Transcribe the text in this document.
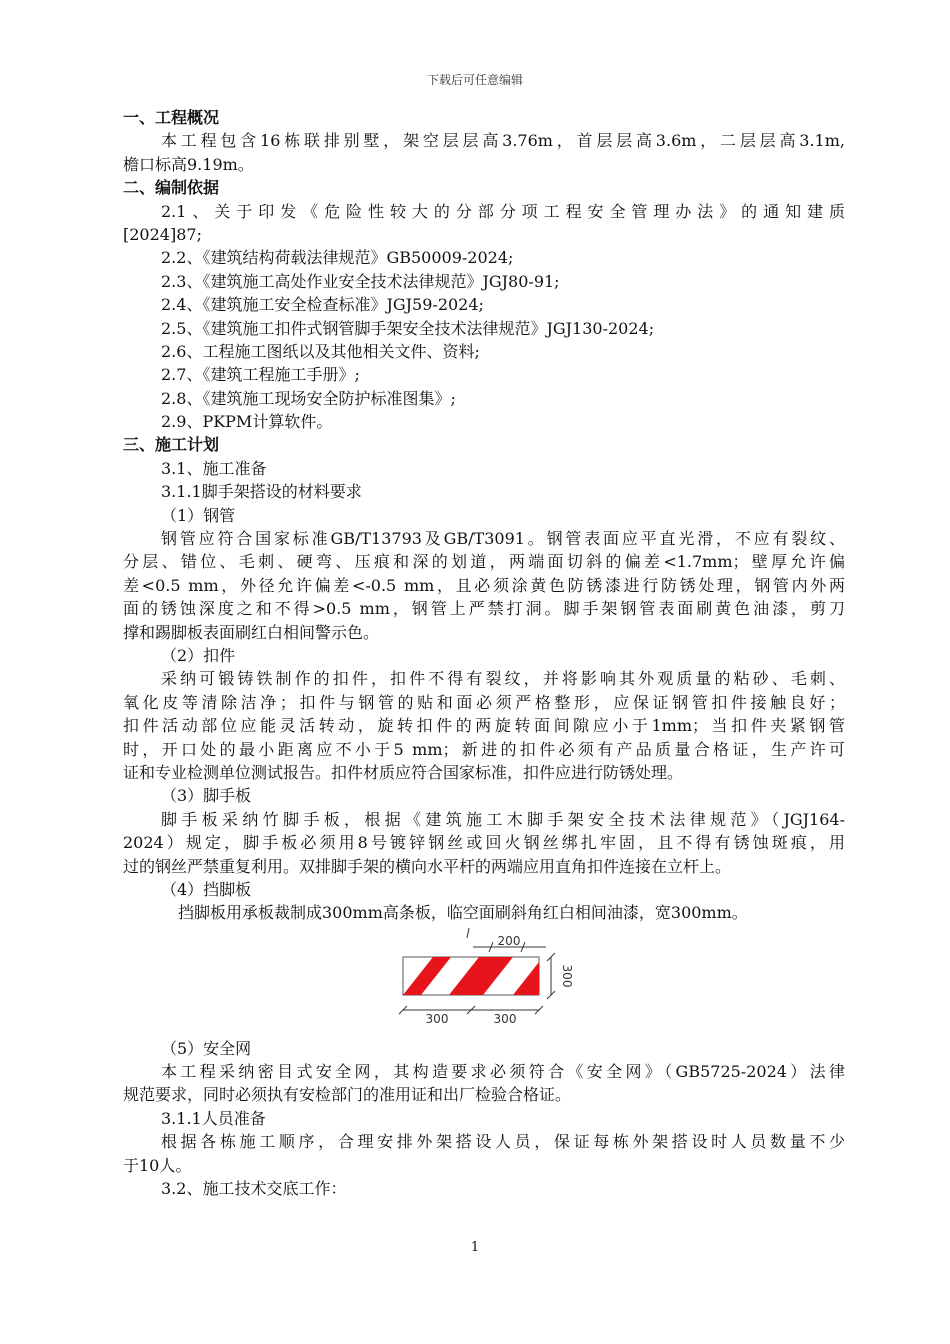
下载后可任意编辑
一、工程概况
本工程包含16栋联排别墅，架空层层高3.76m，首层层高3.6m，二层层高3.1m,
檐口标高9.19m。
二、编制依据
2.1、关于印发《危险性较大的分部分项工程安全管理办法》的通知建质
[2024]87;
2.2、《建筑结构荷载法律规范》GB50009-2024;
2.3、《建筑施工高处作业安全技术法律规范》JGJ80-91;
2.4、《建筑施工安全检查标准》JGJ59-2024;
2.5、《建筑施工扣件式钢管脚手架安全技术法律规范》JGJ130-2024;
2.6、工程施工图纸以及其他相关文件、资料;
2.7、《建筑工程施工手册》;
2.8、《建筑施工现场安全防护标准图集》;
2.9、PKPM计算软件。
三、施工计划
3.1、施工准备
3.1.1脚手架搭设的材料要求
（1）钢管
钢管应符合国家标准GB/T13793及GB/T3091。钢管表面应平直光滑，不应有裂纹、
分层、错位、毛刺、硬弯、压痕和深的划道，两端面切斜的偏差<1.7mm；壁厚允许偏
差<0.5 mm，外径允许偏差<-0.5 mm，且必须涂黄色防锈漆进行防锈处理，钢管内外两
面的锈蚀深度之和不得>0.5 mm，钢管上严禁打洞。脚手架钢管表面刷黄色油漆，剪刀
撑和踢脚板表面刷红白相间警示色。
（2）扣件
采纳可锻铸铁制作的扣件，扣件不得有裂纹，并将影响其外观质量的粘砂、毛刺、
氧化皮等清除洁净；扣件与钢管的贴和面必须严格整形，应保证钢管扣件接触良好；
扣件活动部位应能灵活转动，旋转扣件的两旋转面间隙应小于1mm；当扣件夹紧钢管
时，开口处的最小距离应不小于5 mm；新进的扣件必须有产品质量合格证，生产许可
证和专业检测单位测试报告。扣件材质应符合国家标准，扣件应进行防锈处理。
（3）脚手板
脚手板采纳竹脚手板，根据《建筑施工木脚手架安全技术法律规范》（JGJ164-
2024）规定，脚手板必须用8号镀锌钢丝或回火钢丝绑扎牢固，且不得有锈蚀斑痕，用
过的钢丝严禁重复利用。双排脚手架的横向水平杆的两端应用直角扣件连接在立杆上。
（4）挡脚板
挡脚板用承板裁制成300mm高条板，临空面刷斜角红白相间油漆，宽300mm。
200
300
300	300
（5）安全网
本工程采纳密目式安全网，其构造要求必须符合《安全网》（GB5725-2024）法律
规范要求，同时必须执有安检部门的准用证和出厂检验合格证。
3.1.1人员准备
根据各栋施工顺序，合理安排外架搭设人员，保证每栋外架搭设时人员数量不少
于10人。
3.2、施工技术交底工作：
1
